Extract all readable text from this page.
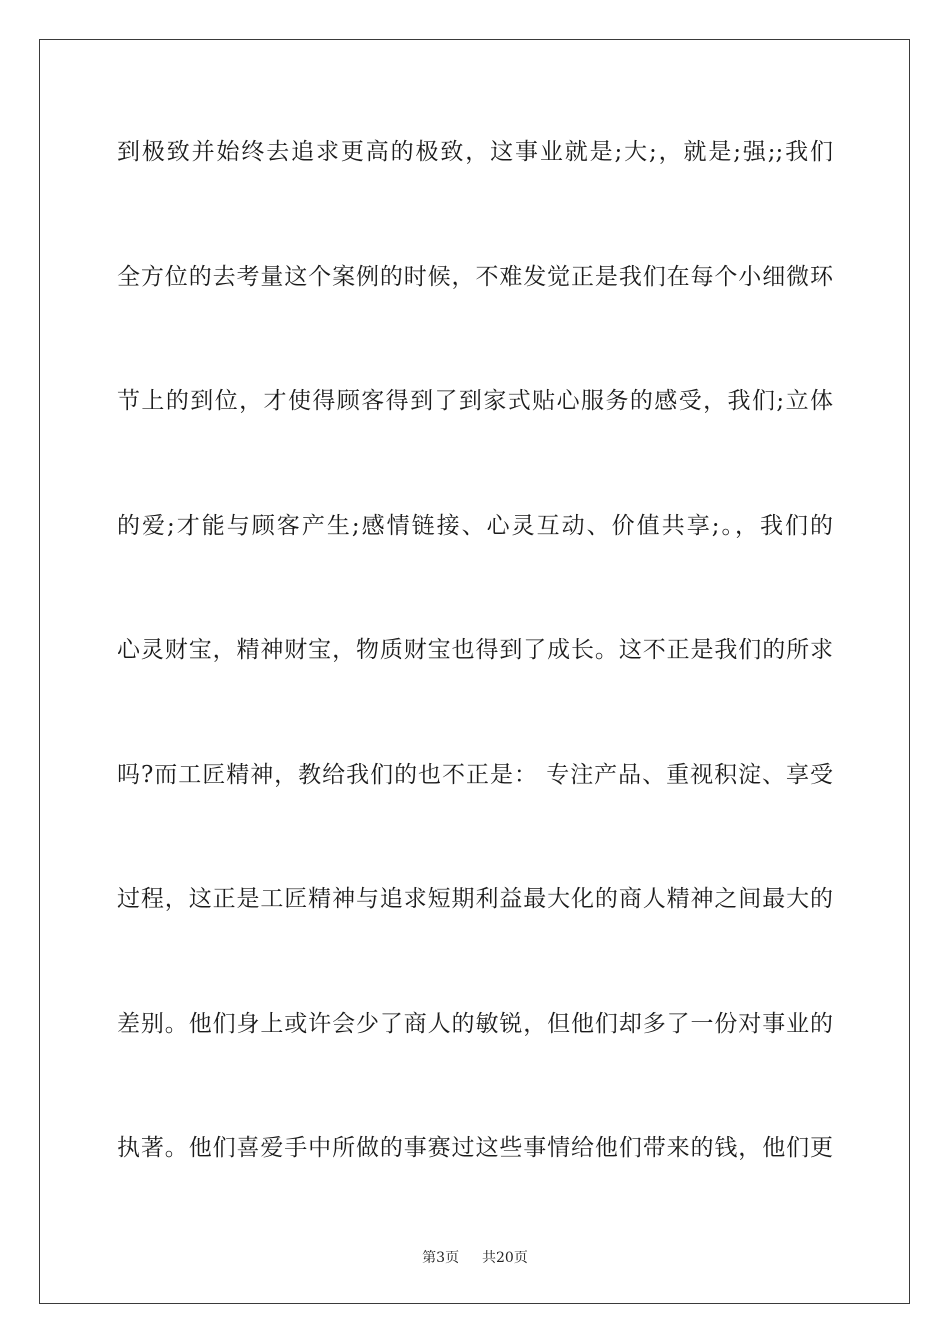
到极致并始终去追求更高的极致，这事业就是;大;，就是;强;;我们
全方位的去考量这个案例的时候，不难发觉正是我们在每个小细微环
节上的到位，才使得顾客得到了到家式贴心服务的感受，我们;立体
的爱;才能与顾客产生;感情链接、心灵互动、价值共享;。，我们的
心灵财宝，精神财宝，物质财宝也得到了成长。这不正是我们的所求
吗?而工匠精神，教给我们的也不正是： 专注产品、重视积淀、享受
过程，这正是工匠精神与追求短期利益最大化的商人精神之间最大的
差别。他们身上或许会少了商人的敏锐，但他们却多了一份对事业的
执著。他们喜爱手中所做的事赛过这些事情给他们带来的钱，他们更
第3页 共20页
